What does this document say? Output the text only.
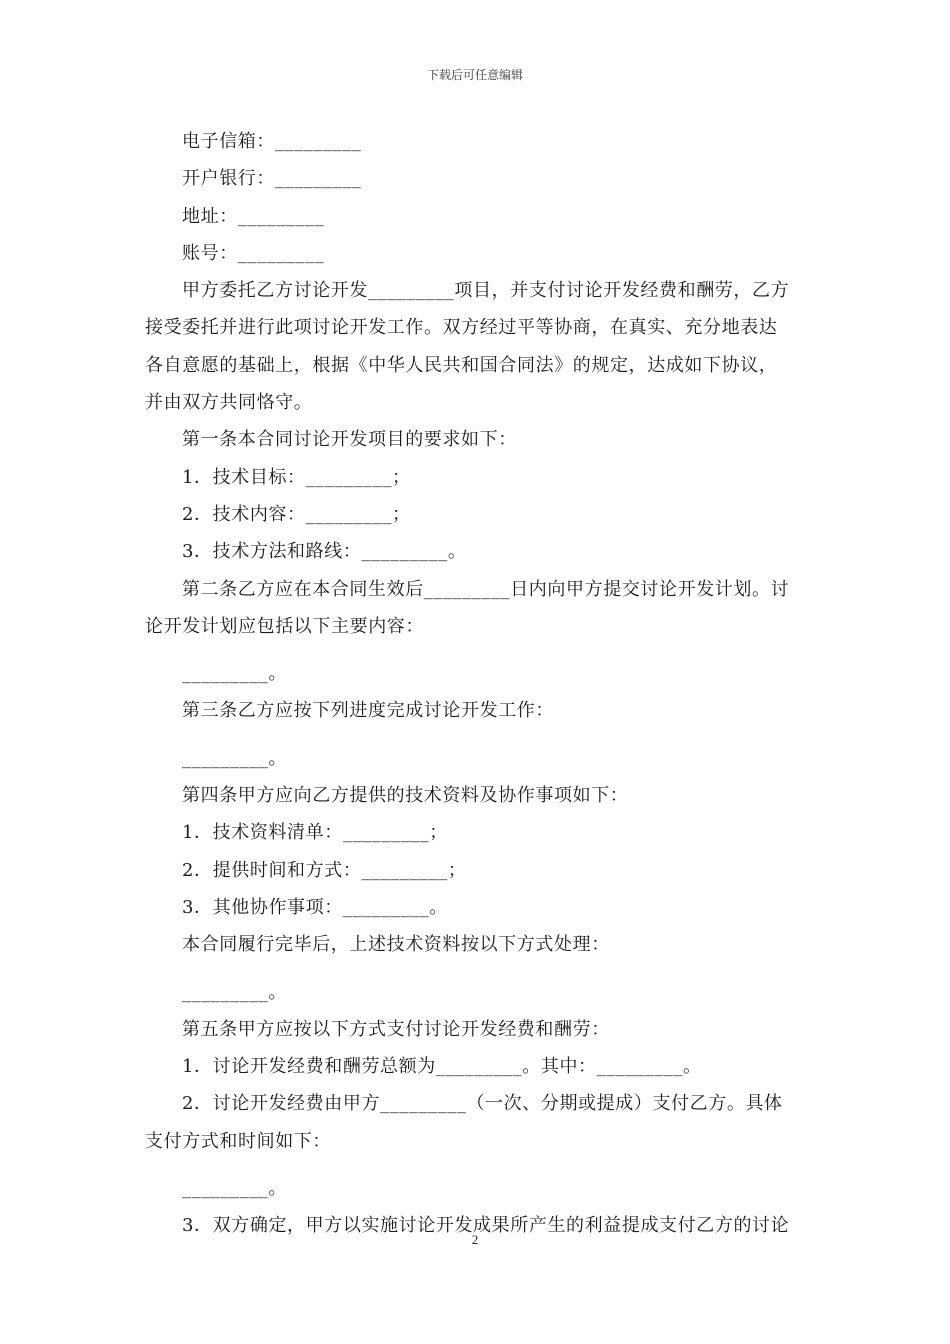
下载后可任意编辑
电子信箱：_________
开户银行：_________
地址：_________
账号：_________
甲方委托乙方讨论开发_________项目，并支付讨论开发经费和酬劳，乙方
接受委托并进行此项讨论开发工作。双方经过平等协商，在真实、充分地表达
各自意愿的基础上，根据《中华人民共和国合同法》的规定，达成如下协议，
并由双方共同恪守。
第一条本合同讨论开发项目的要求如下：
1．技术目标：_________；
2．技术内容：_________；
3．技术方法和路线：_________。
第二条乙方应在本合同生效后_________日内向甲方提交讨论开发计划。讨
论开发计划应包括以下主要内容：
_________。
第三条乙方应按下列进度完成讨论开发工作：
_________。
第四条甲方应向乙方提供的技术资料及协作事项如下：
1．技术资料清单：_________；
2．提供时间和方式：_________；
3．其他协作事项：_________。
本合同履行完毕后，上述技术资料按以下方式处理：
_________。
第五条甲方应按以下方式支付讨论开发经费和酬劳：
1．讨论开发经费和酬劳总额为_________。其中：_________。
2．讨论开发经费由甲方_________（一次、分期或提成）支付乙方。具体
支付方式和时间如下：
_________。
3．双方确定，甲方以实施讨论开发成果所产生的利益提成支付乙方的讨论
2
